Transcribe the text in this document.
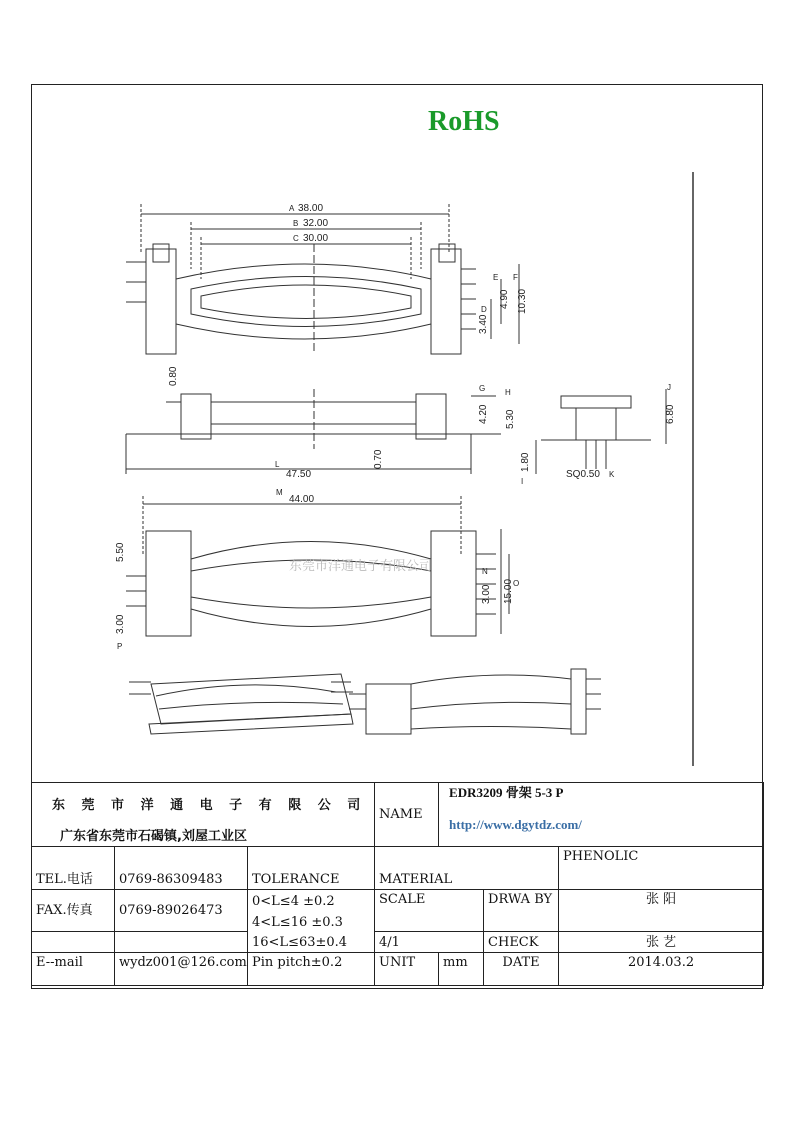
RoHS
38.00
32.00
30.00
A
B
C
4.90 10.30
3.40
E F
D
0.80
4.20 5.30
G H
6.80
J
1.80
I
SQ0.50 K
47.50
L	0.70
44.00
M
5.50
3.00
N
15.00 O
3.00
P
东莞市洋通电子有限公司
东 莞 市 洋 通 电 子 有 限 公 司			NAME	EDR3209 骨架 5-3 P		
广东省东莞市石碣镇,刘屋工业区				http://www.dgytdz.com/		
TEL.电话	0769-86309483	TOLERANCE	MATERIAL			PHENOLIC
FAX.传真	0769-89026473	0<L≤4 ±0.2	SCALE		DRWA BY	张 阳
		4<L≤16 ±0.3				
		16<L≤63±0.4	4/1		CHECK	张 艺
E--mail	wydz001@126.com	Pin pitch±0.2	UNIT	mm	DATE	2014.03.2
